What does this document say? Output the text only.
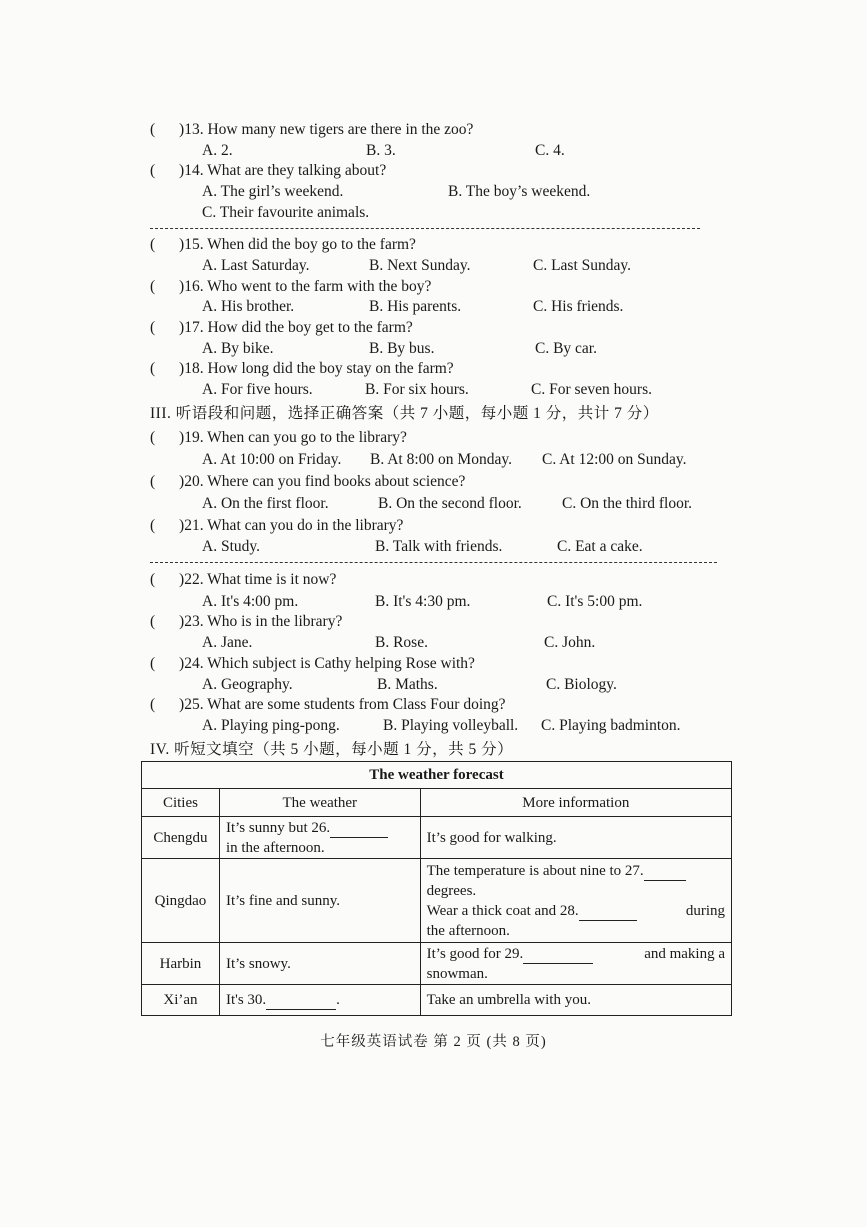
( )13. How many new tigers are there in the zoo?
A. 2.	B. 3.	C. 4.
( )14. What are they talking about?
A. The girl’s weekend.	B. The boy’s weekend.
C. Their favourite animals.
( )15. When did the boy go to the farm?
A. Last Saturday.	B. Next Sunday.	C. Last Sunday.
( )16. Who went to the farm with the boy?
A. His brother.	B. His parents.	C. His friends.
( )17. How did the boy get to the farm?
A. By bike.	B. By bus.	C. By car.
( )18. How long did the boy stay on the farm?
A. For five hours.	B. For six hours.	C. For seven hours.
III. 听语段和问题，选择正确答案（共 7 小题，每小题 1 分，共计 7 分）
( )19. When can you go to the library?
A. At 10:00 on Friday. B. At 8:00 on Monday. C. At 12:00 on Sunday.
( )20. Where can you find books about science?
A. On the first floor.	B. On the second floor.	C. On the third floor.
( )21. What can you do in the library?
A. Study.	B. Talk with friends.	C. Eat a cake.
( )22. What time is it now?
A. It's 4:00 pm.	B. It's 4:30 pm.	C. It's 5:00 pm.
( )23. Who is in the library?
A. Jane.	B. Rose.	C. John.
( )24. Which subject is Cathy helping Rose with?
A. Geography.	B. Maths.	C. Biology.
( )25. What are some students from Class Four doing?
A. Playing ping-pong.	B. Playing volleyball. C. Playing badminton.
IV. 听短文填空（共 5 小题，每小题 1 分，共 5 分）
The weather forecast		
Cities	The weather	More information
Chengdu	It’s sunny but 26.
in the afternoon.	It’s good for walking.
Qingdao	It’s fine and sunny.	The temperature is about nine to 27.
degrees.
Wear a thick coat and 28. during

the afternoon.
Harbin	It’s snowy.	It’s good for 29. and making a

snowman.
Xi’an	It's 30. .	Take an umbrella with you.
七年级英语试卷 第 2 页 (共 8 页)
